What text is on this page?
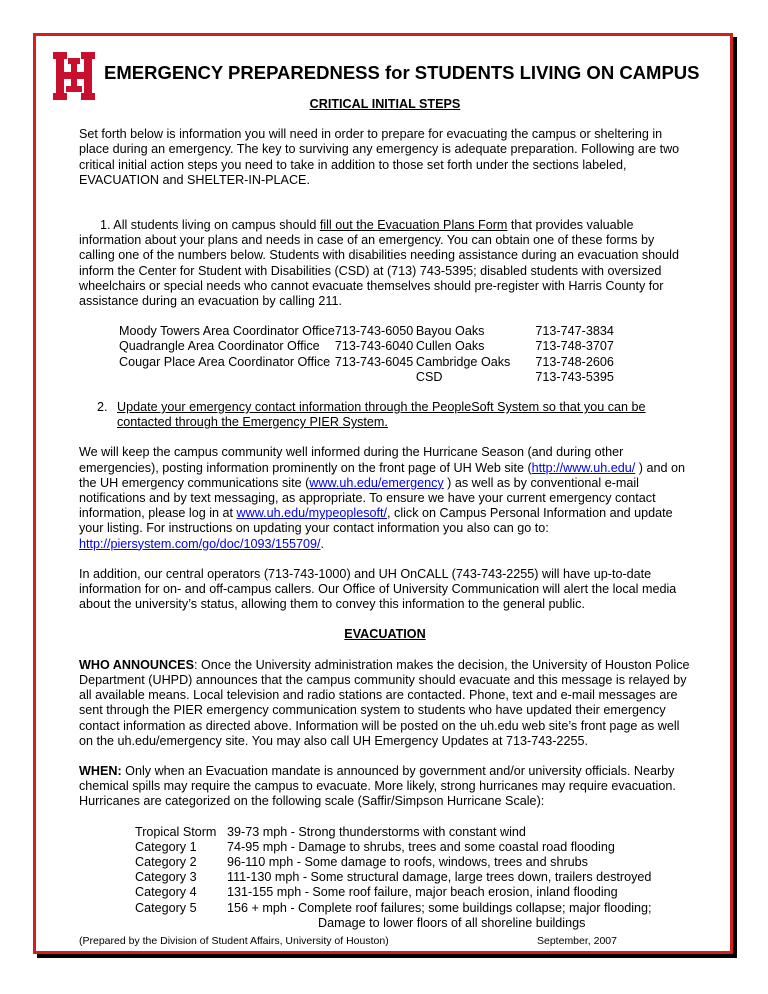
EMERGENCY PREPAREDNESS for STUDENTS LIVING ON CAMPUS

CRITICAL INITIAL STEPS

Set forth below is information you will need in order to prepare for evacuating the campus or sheltering in place during an emergency. The key to surviving any emergency is adequate preparation. Following are two critical initial action steps you need to take in addition to those set forth under the sections labeled, EVACUATION and SHELTER-IN-PLACE.

1. All students living on campus should fill out the Evacuation Plans Form that provides valuable information about your plans and needs in case of an emergency. You can obtain one of these forms by calling one of the numbers below. Students with disabilities needing assistance during an evacuation should inform the Center for Student with Disabilities (CSD) at (713) 743-5395; disabled students with oversized wheelchairs or special needs who cannot evacuate themselves should pre-register with Harris County for assistance during an evacuation by calling 211.

Moody Towers Area Coordinator Office	713-743-6050	Bayou Oaks	713-747-3834
Quadrangle Area Coordinator Office	713-743-6040	Cullen Oaks	713-748-3707
Cougar Place Area Coordinator Office	713-743-6045	Cambridge Oaks	713-748-2606
		CSD	713-743-5395
2. Update your emergency contact information through the PeopleSoft System so that you can be contacted through the Emergency PIER System.

We will keep the campus community well informed during the Hurricane Season (and during other emergencies), posting information prominently on the front page of UH Web site (http://www.uh.edu/ ) and on the UH emergency communications site (www.uh.edu/emergency ) as well as by conventional e-mail notifications and by text messaging, as appropriate. To ensure we have your current emergency contact information, please log in at www.uh.edu/mypeoplesoft/, click on Campus Personal Information and update your listing. For instructions on updating your contact information you also can go to: http://piersystem.com/go/doc/1093/155709/.

In addition, our central operators (713-743-1000) and UH OnCALL (743-743-2255) will have up-to-date information for on- and off-campus callers. Our Office of University Communication will alert the local media about the university’s status, allowing them to convey this information to the general public.

EVACUATION

WHO ANNOUNCES: Once the University administration makes the decision, the University of Houston Police Department (UHPD) announces that the campus community should evacuate and this message is relayed by all available means. Local television and radio stations are contacted. Phone, text and e-mail messages are sent through the PIER emergency communication system to students who have updated their emergency contact information as directed above. Information will be posted on the uh.edu web site’s front page as well on the uh.edu/emergency site. You may also call UH Emergency Updates at 713-743-2255.

WHEN: Only when an Evacuation mandate is announced by government and/or university officials. Nearby chemical spills may require the campus to evacuate. More likely, strong hurricanes may require evacuation. Hurricanes are categorized on the following scale (Saffir/Simpson Hurricane Scale):

Tropical Storm	39-73 mph - Strong thunderstorms with constant wind
Category 1	74-95 mph - Damage to shrubs, trees and some coastal road flooding
Category 2	96-110 mph - Some damage to roofs, windows, trees and shrubs
Category 3	111-130 mph - Some structural damage, large trees down, trailers destroyed
Category 4	131-155 mph - Some roof failure, major beach erosion, inland flooding
Category 5	156 + mph - Complete roof failures; some buildings collapse; major flooding;
	Damage to lower floors of all shoreline buildings
(Prepared by the Division of Student Affairs, University of Houston)	September, 2007
